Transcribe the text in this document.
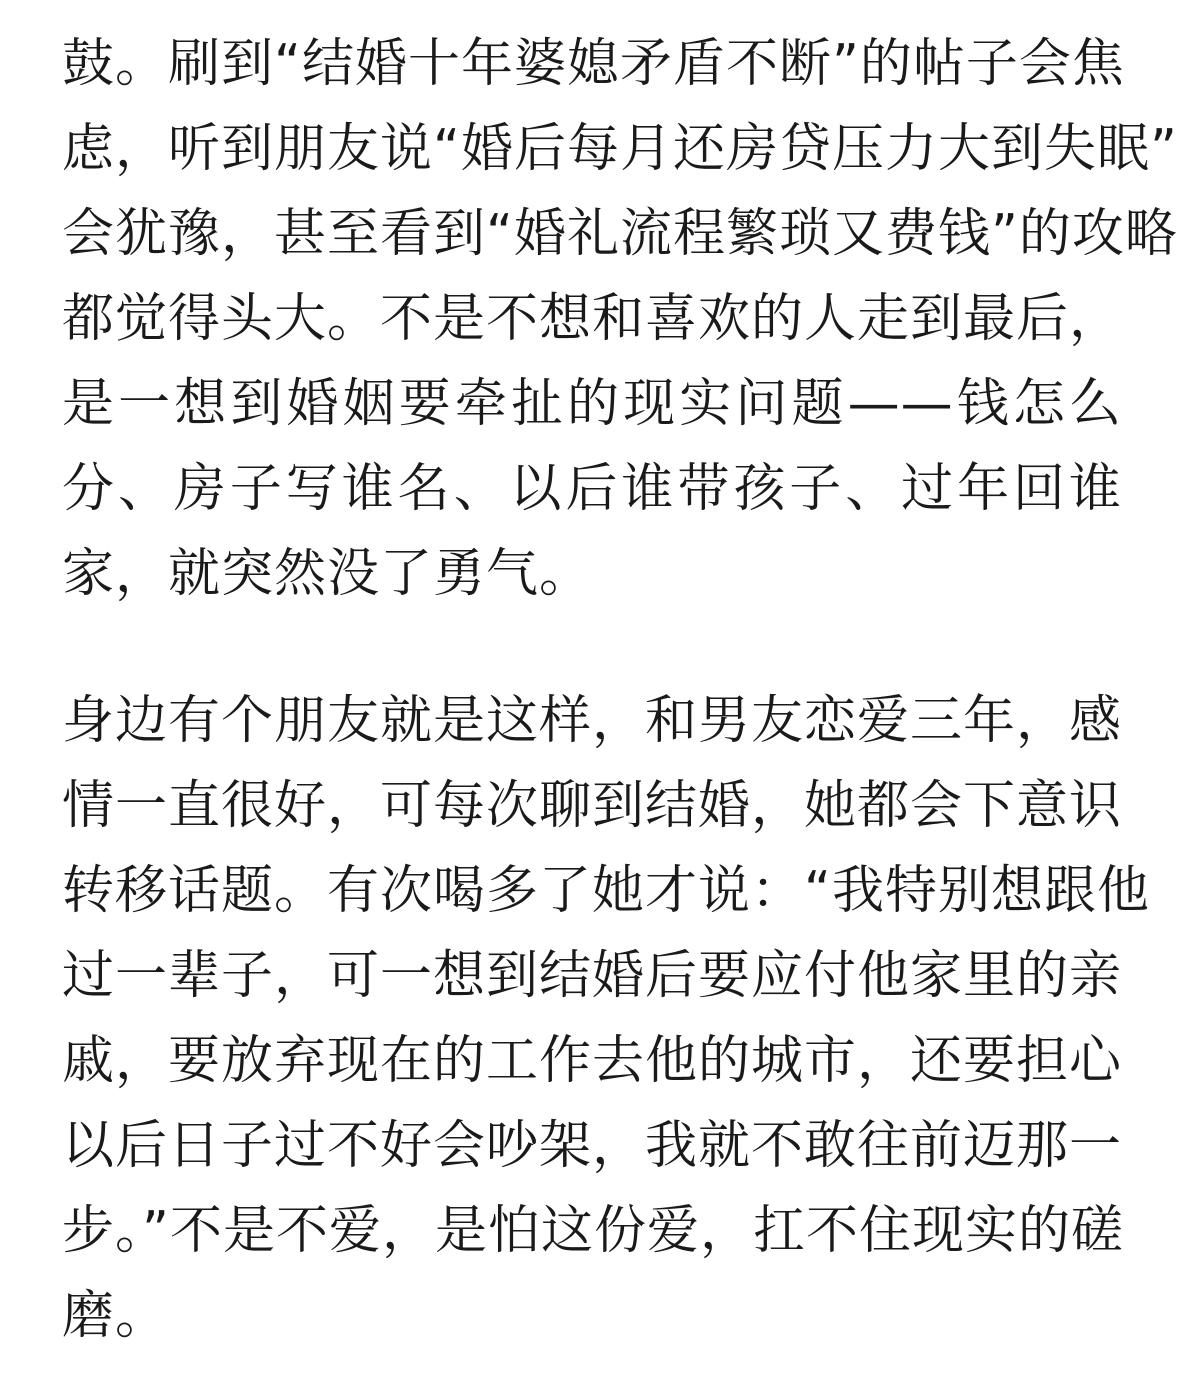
鼓。刷到“结婚十年婆媳矛盾不断”的帖子会焦
虑，听到朋友说“婚后每月还房贷压力大到失眠”
会犹豫，甚至看到“婚礼流程繁琐又费钱”的攻略
都觉得头大。不是不想和喜欢的人走到最后，
是一想到婚姻要牵扯的现实问题——钱怎么
分、房子写谁名、以后谁带孩子、过年回谁
家，就突然没了勇气。
身边有个朋友就是这样，和男友恋爱三年，感
情一直很好，可每次聊到结婚，她都会下意识
转移话题。有次喝多了她才说：“我特别想跟他
过一辈子，可一想到结婚后要应付他家里的亲
戚，要放弃现在的工作去他的城市，还要担心
以后日子过不好会吵架，我就不敢往前迈那一
步。”不是不爱，是怕这份爱，扛不住现实的磋
磨。
